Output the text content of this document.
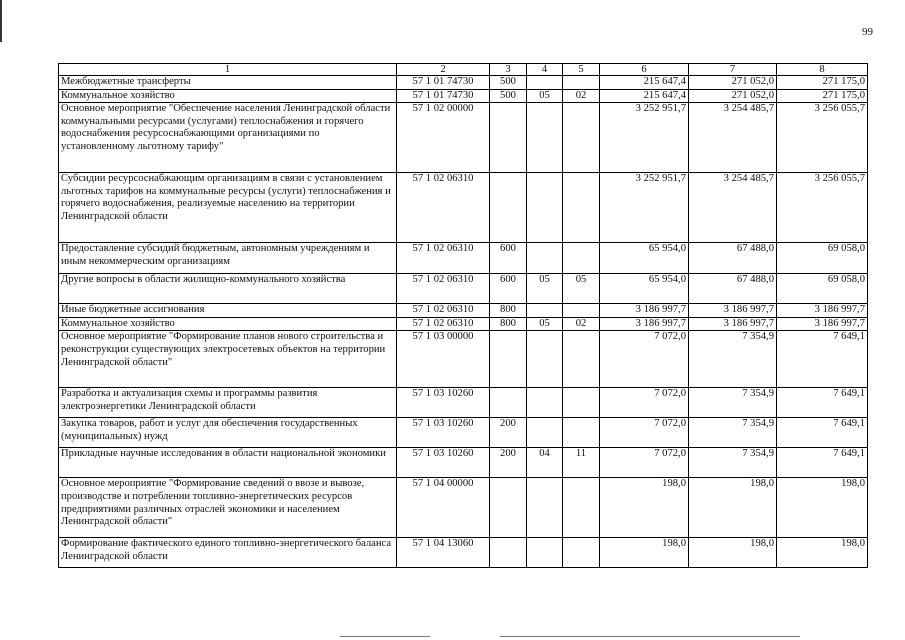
99
1	2	3	4	5	6	7	8
Межбюджетные трансферты	57 1 01 74730	500			215 647,4	271 052,0	271 175,0
Коммунальное хозяйство	57 1 01 74730	500	05	02	215 647,4	271 052,0	271 175,0
Основное мероприятие "Обеспечение населения Ленинградской области коммунальными ресурсами (услугами) теплоснабжения и горячего водоснабжения ресурсоснабжающими организациями по установленному льготному тарифу"	57 1 02 00000				3 252 951,7	3 254 485,7	3 256 055,7
Субсидии ресурсоснабжающим организациям в связи с установлением льготных тарифов на коммунальные ресурсы (услуги) теплоснабжения и горячего водоснабжения, реализуемые населению на территории Ленинградской области	57 1 02 06310				3 252 951,7	3 254 485,7	3 256 055,7
Предоставление субсидий бюджетным, автономным учреждениям и иным некоммерческим организациям	57 1 02 06310	600			65 954,0	67 488,0	69 058,0
Другие вопросы в области жилищно-коммунального хозяйства	57 1 02 06310	600	05	05	65 954,0	67 488,0	69 058,0
Иные бюджетные ассигнования	57 1 02 06310	800			3 186 997,7	3 186 997,7	3 186 997,7
Коммунальное хозяйство	57 1 02 06310	800	05	02	3 186 997,7	3 186 997,7	3 186 997,7
Основное мероприятие "Формирование планов нового строительства и реконструкции существующих электросетевых объектов на территории Ленинградской области"	57 1 03 00000				7 072,0	7 354,9	7 649,1
Разработка и актуализация схемы и программы развития электроэнергетики Ленинградской области	57 1 03 10260				7 072,0	7 354,9	7 649,1
Закупка товаров, работ и услуг для обеспечения государственных (муниципальных) нужд	57 1 03 10260	200			7 072,0	7 354,9	7 649,1
Прикладные научные исследования в области национальной экономики	57 1 03 10260	200	04	11	7 072,0	7 354,9	7 649,1
Основное мероприятие "Формирование сведений о ввозе и вывозе, производстве и потреблении топливно-энергетических ресурсов предприятиями различных отраслей экономики и населением Ленинградской области"	57 1 04 00000				198,0	198,0	198,0
Формирование фактического единого топливно-энергетического баланса Ленинградской области	57 1 04 13060				198,0	198,0	198,0
